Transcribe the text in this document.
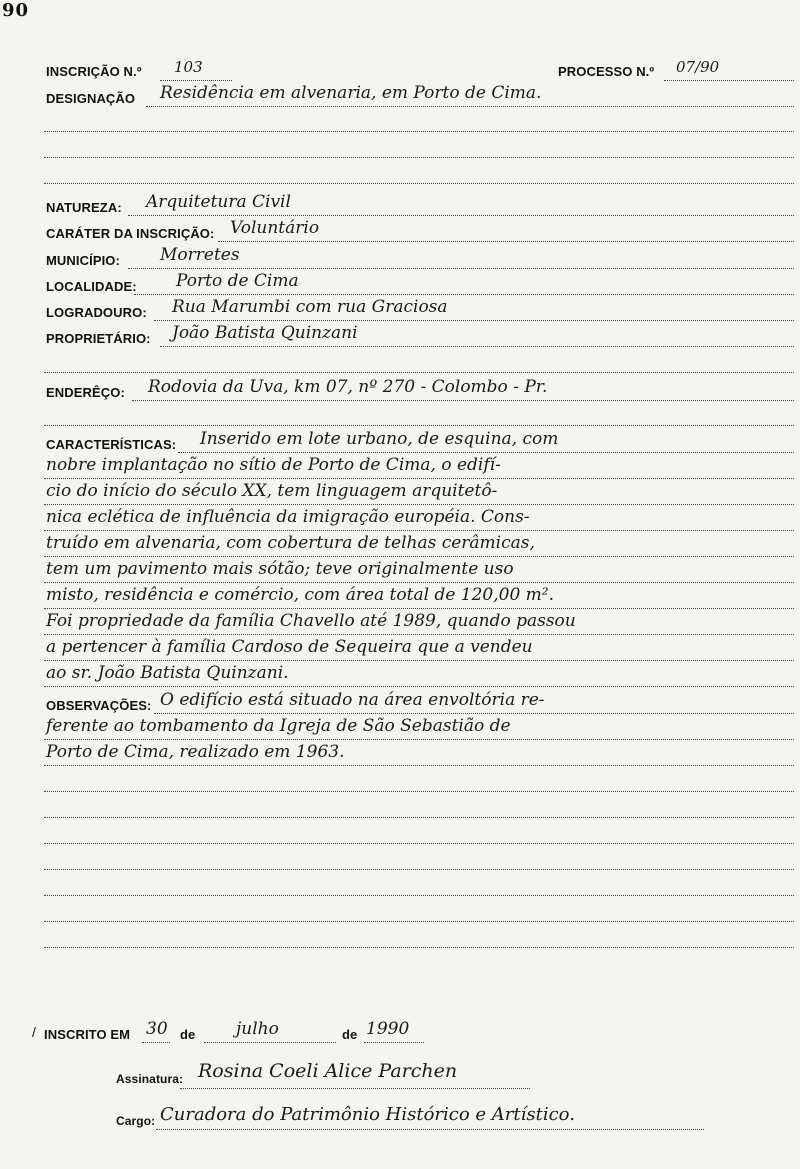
90
INSCRIÇÃO N.º 103	PROCESSO N.º 07/90
DESIGNAÇÃO Residência em alvenaria, em Porto de Cima.
NATUREZA: Arquitetura Civil
CARÁTER DA INSCRIÇÃO: Voluntário
MUNICÍPIO: Morretes
LOCALIDADE: Porto de Cima
LOGRADOURO: Rua Marumbi com rua Graciosa
PROPRIETÁRIO: João Batista Quinzani
ENDERÊÇO: Rodovia da Uva, km 07, nº 270 - Colombo - Pr.
CARACTERÍSTICAS: Inserido em lote urbano, de esquina, com
nobre implantação no sítio de Porto de Cima, o edifí-
cio do início do século XX, tem linguagem arquitetô-
nica eclética de influência da imigração européia. Cons-
truído em alvenaria, com cobertura de telhas cerâmicas,
tem um pavimento mais sótão; teve originalmente uso
misto, residência e comércio, com área total de 120,00 m².
Foi propriedade da família Chavello até 1989, quando passou
a pertencer à família Cardoso de Sequeira que a vendeu
ao sr. João Batista Quinzani.
OBSERVAÇÕES: O edifício está situado na área envoltória re-
ferente ao tombamento da Igreja de São Sebastião de
Porto de Cima, realizado em 1963.
/ INSCRITO EM 30 de julho	de 1990
Assinatura: Rosina Coeli Alice Parchen
Cargo: Curadora do Patrimônio Histórico e Artístico.
